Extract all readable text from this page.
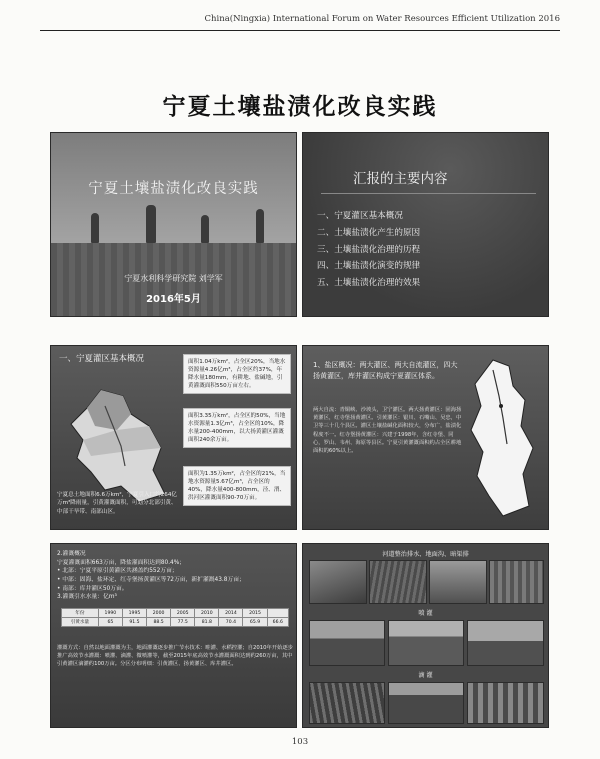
China(Ningxia) International Forum on Water Resources Efficient Utilization 2016
宁夏土壤盐渍化改良实践
宁夏土壤盐渍化改良实践
宁夏水利科学研究院 刘学军
2016年5月
汇报的主要内容
一、宁夏灌区基本概况
二、土壤盐渍化产生的原因
三、土壤盐渍化治理的历程
四、土壤盐渍化演变的规律
五、土壤盐渍化治理的效果
一、宁夏灌区基本概况	面积1.04万km²，占全区20%，当地水资源量4.26亿m³，占全区约37%，年降水量180mm，有耕地、盐碱地，引黄灌溉面积550万亩左右。
面积3.35万km²，占全区的50%，当地水资源量1.3亿m³，占全区的10%，降水量200-400mm，以大扬黄灌区灌溉面积240余万亩。
面积为1.35万km²，占全区的21%，当地水资源量5.67亿m³，占全区的40%，降水量400-800mm，泾、渭、洪河区灌溉面积90-70万亩。
宁夏总土地面积6.6万km²，宁夏引入口约264亿万m³降雨量，引黄灌溉面积，可划分北部引黄、中部干旱带、南部山区。
1、盐区概况：两大灌区、两大自流灌区，四大扬黄灌区，库井灌区构成宁夏灌区体系。
两大自流：青铜峡、沙坡头，卫宁灌区。两大扬黄灌区：固海扬黄灌区，红寺堡扬黄灌区。引黄灌区：银川、石嘴山、吴忠，中卫等三十几个县区。灌区土壤盐碱化面积较大，分布广，盐渍化程度不一。红寺堡扬黄灌区：兴建于1998年，含红寺堡、同心，罗山、韦州、海原等县区。宁夏引黄灌溉面积约占全区耕地面积的60%以上。
2.灌溉概况
宁夏灌溉面积663万亩，降盐灌面积达到80.4%；
• 北部：宁夏平原引黄灌区共涵盖约552万亩；
• 中部：固海、盐环定、红寺堡扬黄灌区等72万亩，新扩灌溉43.8万亩；
• 南部：库井灌区50万亩。
3.灌溉引水水量：亿m³
年份	1990	1995	2000	2005	2010	2014	2015	
引黄水量	65	91.5	88.5	77.5	81.8	70.4	65.9	66.6
灌溉方式：自然以地面灌溉为主，地面灌溉逐步推广节水技术：畦灌、水稻控灌；自2010年开始逐步推广高效节水灌溉：喷灌、滴灌、微喷灌等，截至2015年底高效节水灌溉面积达到约260万亩，其中引黄灌区滴灌约100万亩。分区分布明细：引黄灌区、扬黄灌区、库井灌区。
河道整治排水、地面沟、暗渠排
喷 灌
滴 灌
103
